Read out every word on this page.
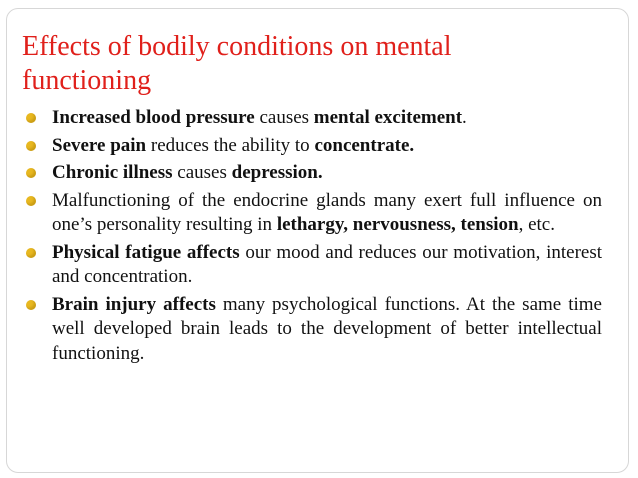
Effects of bodily conditions on mental
functioning
Increased blood pressure causes mental excitement.
Severe pain reduces the ability to concentrate.
Chronic illness causes depression.
Malfunctioning of the endocrine glands many exert full influence on one’s personality resulting in lethargy, nervousness, tension, etc.
Physical fatigue affects our mood and reduces our motivation, interest and concentration.
Brain injury affects many psychological functions. At the same time well developed brain leads to the development of better intellectual functioning.
